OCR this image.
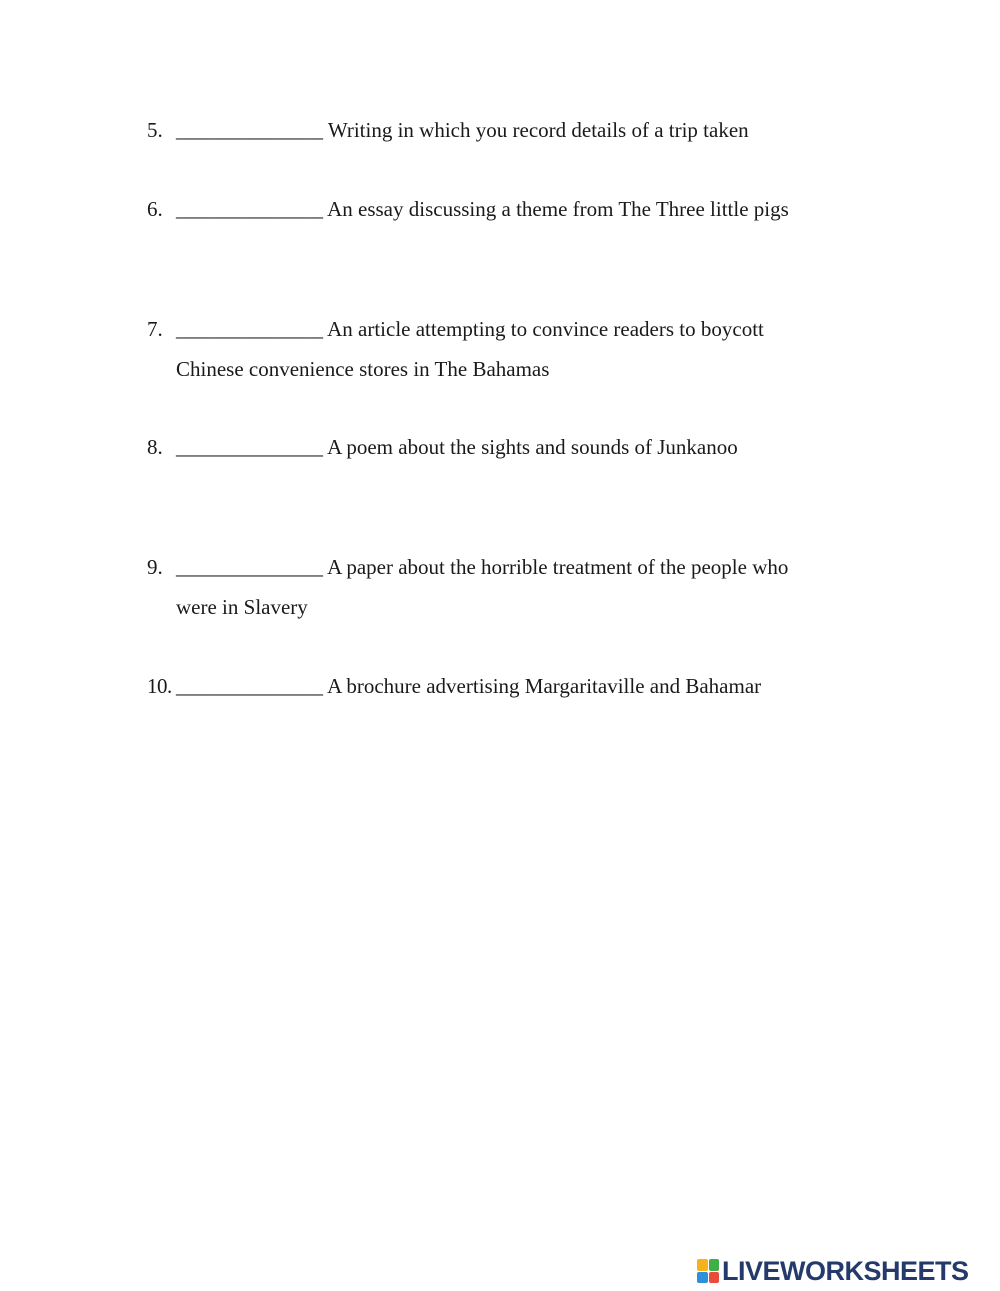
5. ______________ Writing in which you record details of a trip taken
6. ______________ An essay discussing a theme from The Three little pigs
7. ______________ An article attempting to convince readers to boycott
Chinese convenience stores in The Bahamas
8. ______________ A poem about the sights and sounds of Junkanoo
9. ______________ A paper about the horrible treatment of the people who
were in Slavery
10. ______________ A brochure advertising Margaritaville and Bahamar
LIVEWORKSHEETS
